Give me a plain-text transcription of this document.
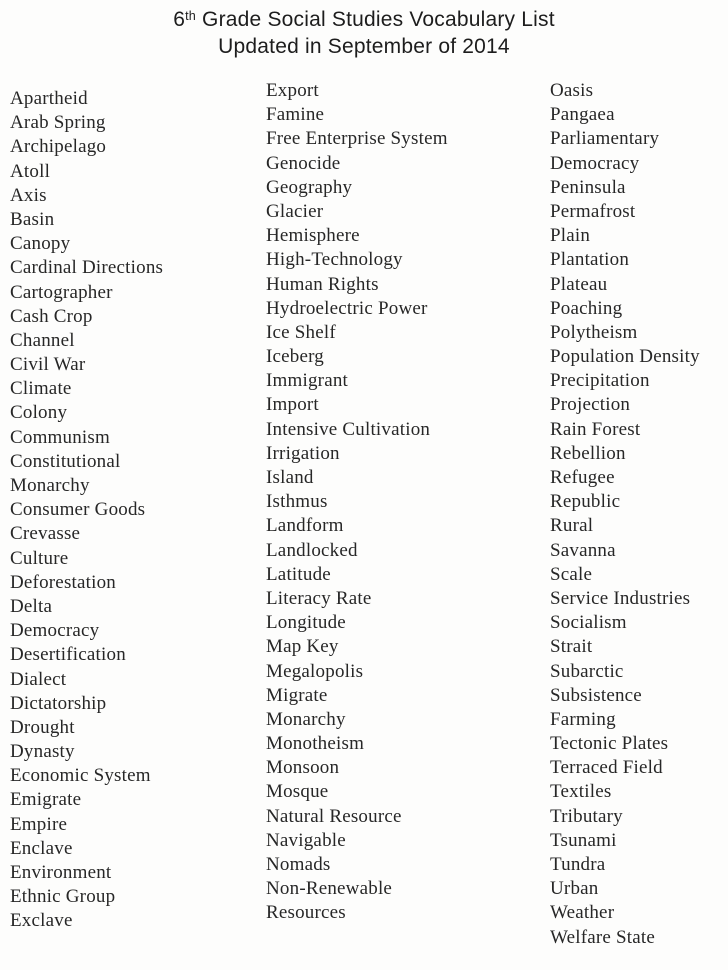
6th Grade Social Studies Vocabulary List
Updated in September of 2014
Apartheid
Arab Spring
Archipelago
Atoll
Axis
Basin
Canopy
Cardinal Directions
Cartographer
Cash Crop
Channel
Civil War
Climate
Colony
Communism
Constitutional
Monarchy
Consumer Goods
Crevasse
Culture
Deforestation
Delta
Democracy
Desertification
Dialect
Dictatorship
Drought
Dynasty
Economic System
Emigrate
Empire
Enclave
Environment
Ethnic Group
Exclave
Export
Famine
Free Enterprise System
Genocide
Geography
Glacier
Hemisphere
High-Technology
Human Rights
Hydroelectric Power
Ice Shelf
Iceberg
Immigrant
Import
Intensive Cultivation
Irrigation
Island
Isthmus
Landform
Landlocked
Latitude
Literacy Rate
Longitude
Map Key
Megalopolis
Migrate
Monarchy
Monotheism
Monsoon
Mosque
Natural Resource
Navigable
Nomads
Non-Renewable
Resources
Oasis
Pangaea
Parliamentary
Democracy
Peninsula
Permafrost
Plain
Plantation
Plateau
Poaching
Polytheism
Population Density
Precipitation
Projection
Rain Forest
Rebellion
Refugee
Republic
Rural
Savanna
Scale
Service Industries
Socialism
Strait
Subarctic
Subsistence
Farming
Tectonic Plates
Terraced Field
Textiles
Tributary
Tsunami
Tundra
Urban
Weather
Welfare State
